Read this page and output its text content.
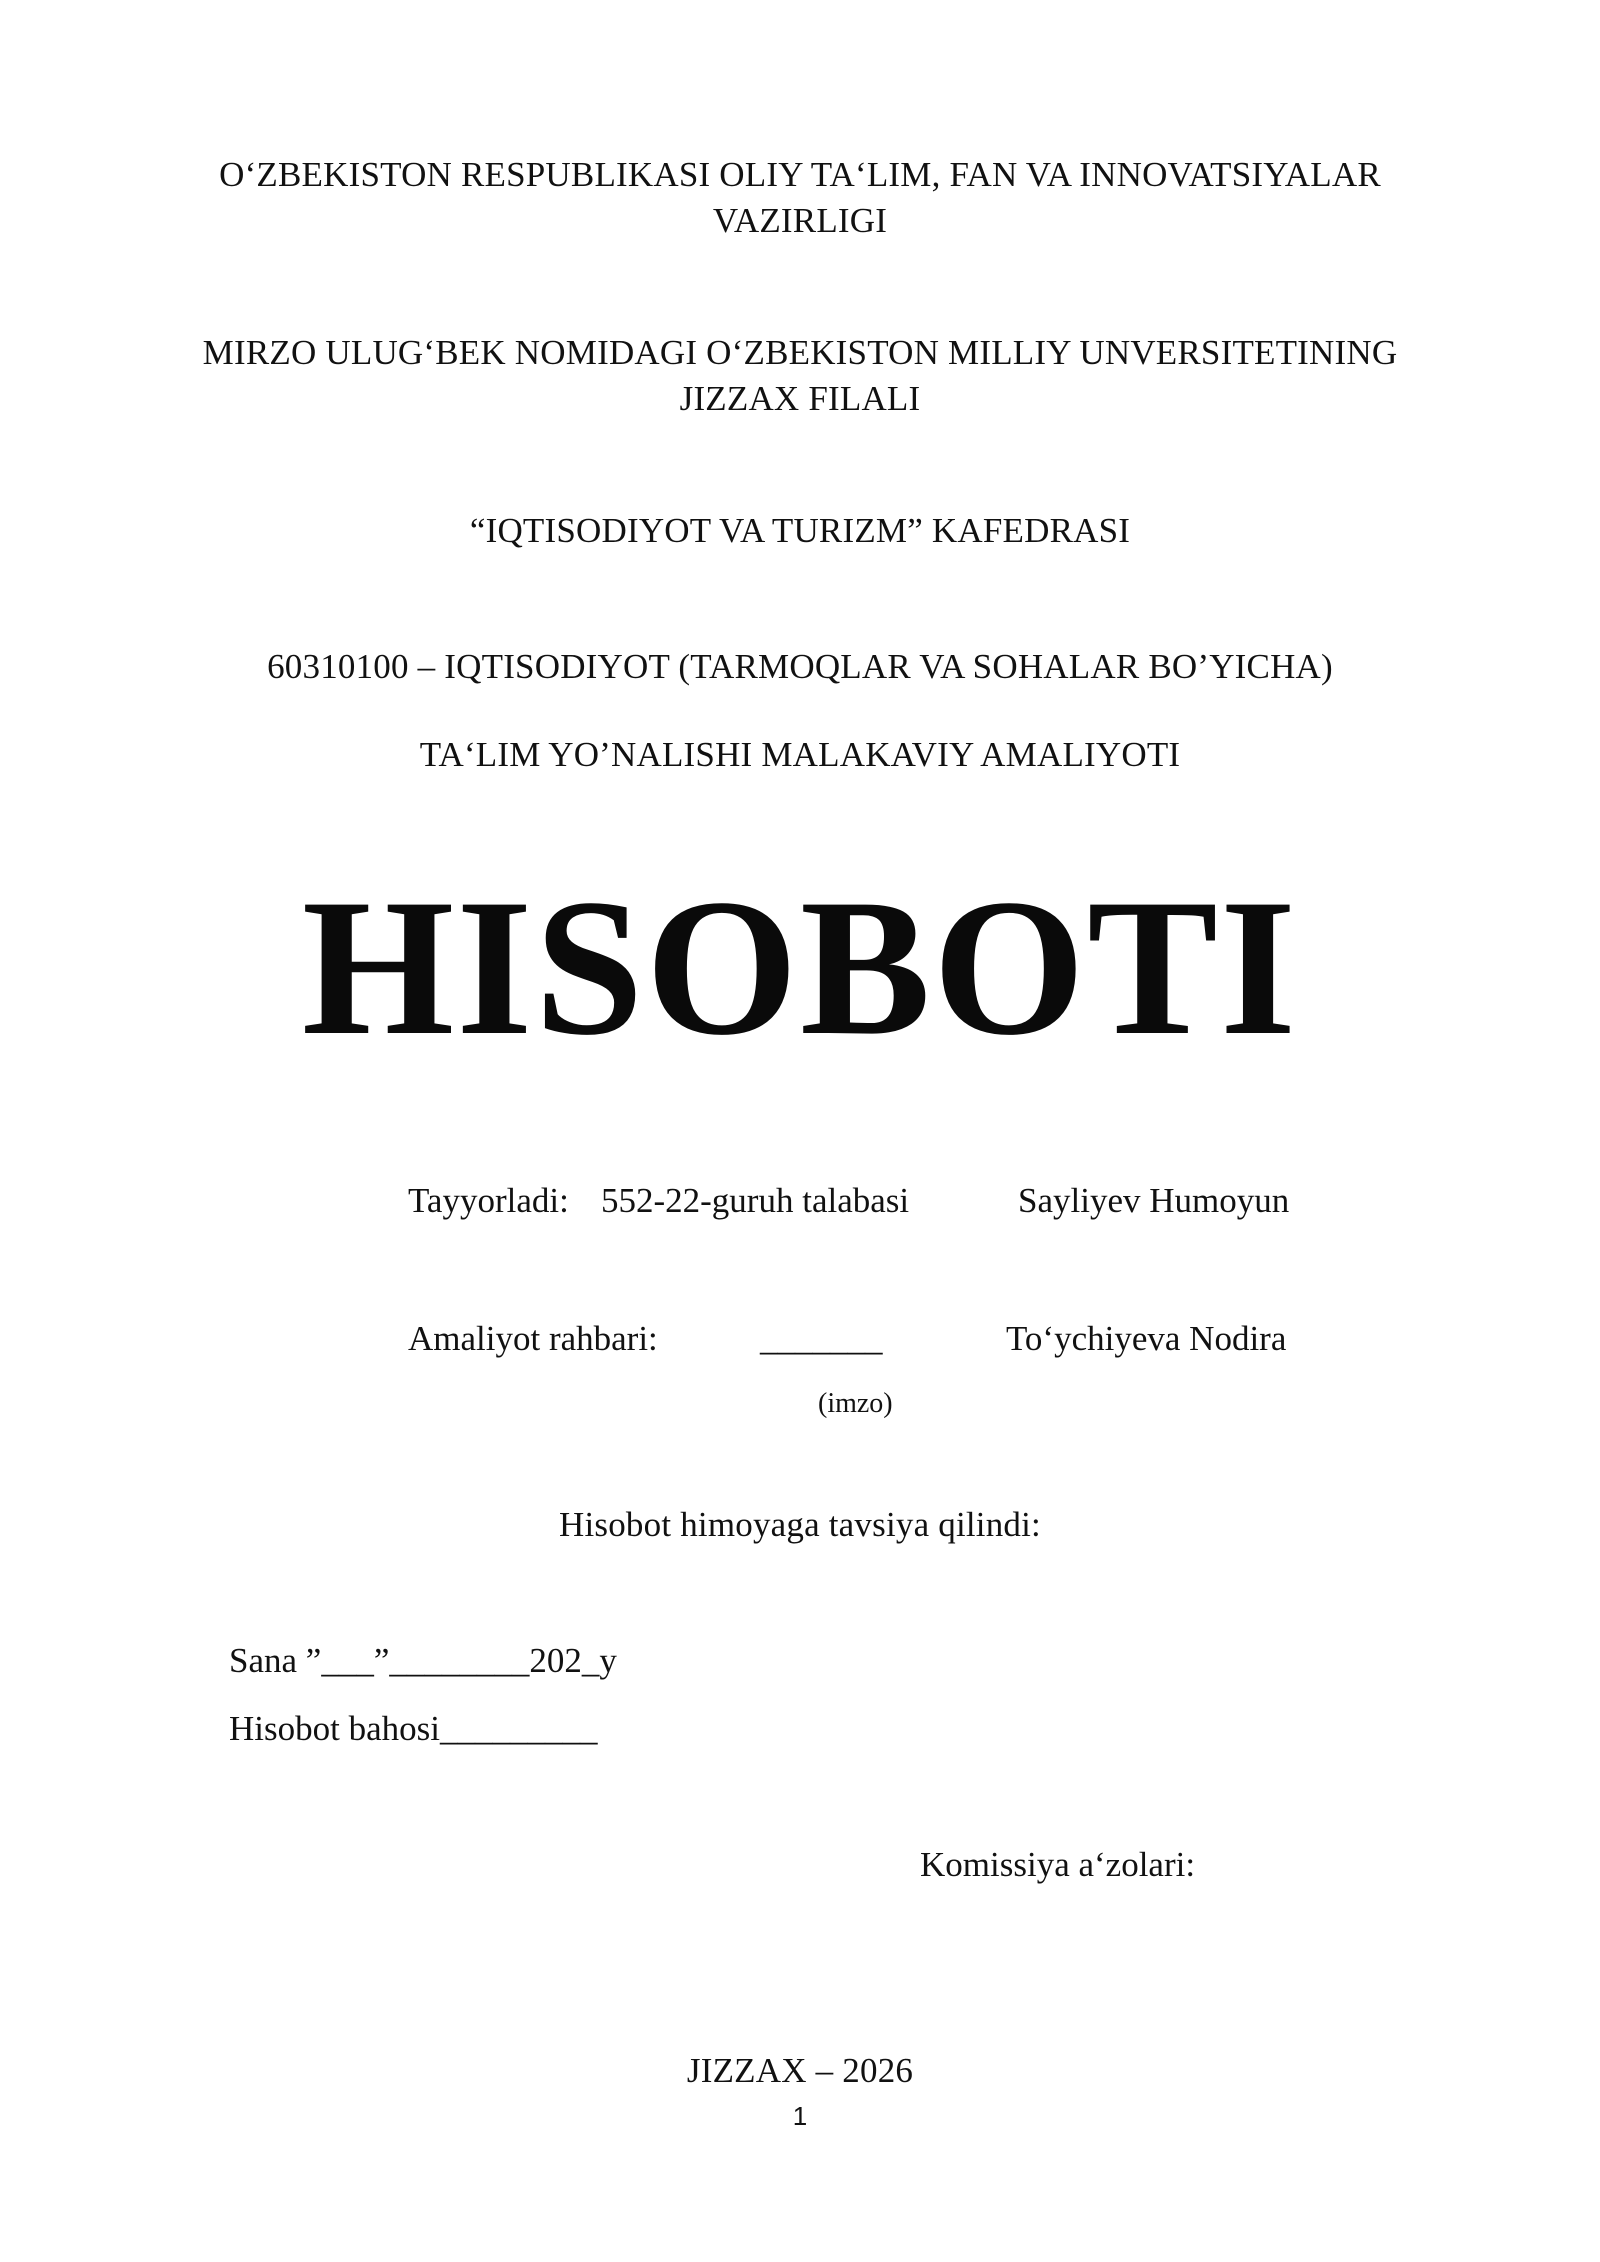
O‘ZBEKISTON RESPUBLIKASI OLIY TA‘LIM, FAN VA INNOVATSIYALAR
VAZIRLIGI
MIRZO ULUG‘BEK NOMIDAGI O‘ZBEKISTON MILLIY UNVERSITETINING
JIZZAX FILALI
“IQTISODIYOT VA TURIZM” KAFEDRASI
60310100 – IQTISODIYOT (TARMOQLAR VA SOHALAR BO’YICHA)
TA‘LIM YO’NALISHI MALAKAVIY AMALIYOTI
HISOBOTI
Tayyorladi: 552-22-guruh talabasi	Sayliyev Humoyun
Amaliyot rahbari:	_______	To‘ychiyeva Nodira
(imzo)
Hisobot himoyaga tavsiya qilindi:
Sana ”___”________202_y
Hisobot bahosi_________
Komissiya a‘zolari:
JIZZAX – 2026
1
